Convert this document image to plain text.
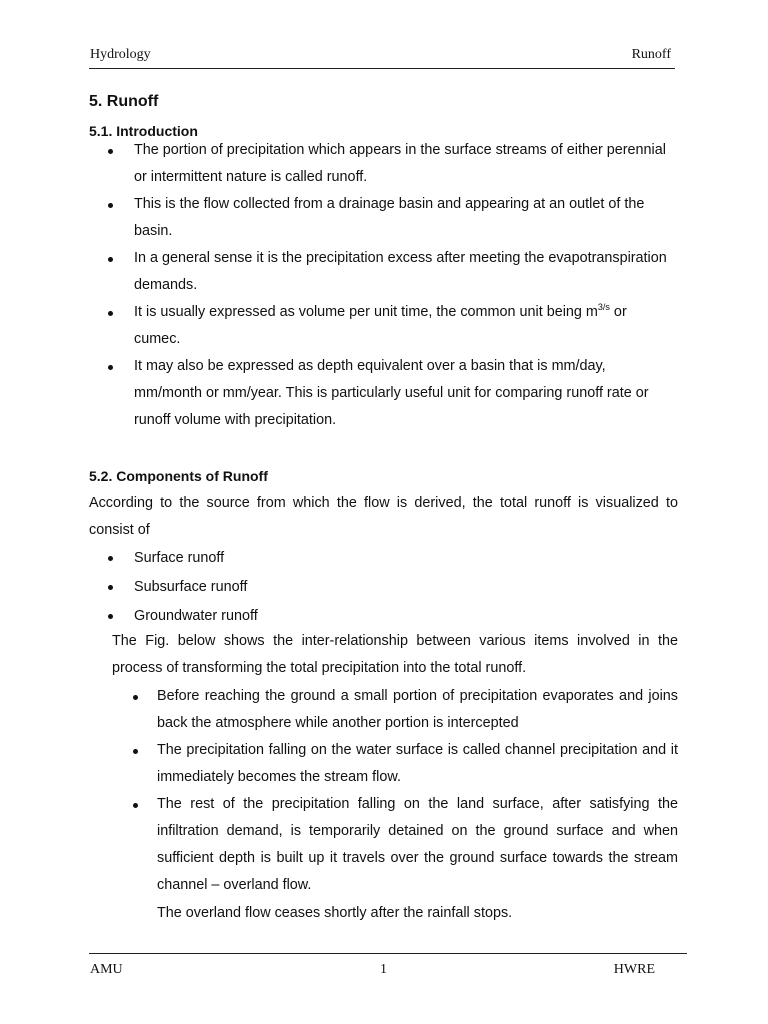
Hydrology	Runoff
5. Runoff
5.1. Introduction
The portion of precipitation which appears in the surface streams of either perennial or intermittent nature is called runoff.
This is the flow collected from a drainage basin and appearing at an outlet of the basin.
In a general sense it is the precipitation excess after meeting the evapotranspiration demands.
It is usually expressed as volume per unit time, the common unit being $m^{3/s}$ or cumec.
It may also be expressed as depth equivalent over a basin that is mm/day, mm/month or mm/year. This is particularly useful unit for comparing runoff rate or runoff volume with precipitation.
5.2. Components of Runoff
According to the source from which the flow is derived, the total runoff is visualized to consist of
Surface runoff
Subsurface runoff
Groundwater runoff
The Fig. below shows the inter-relationship between various items involved in the process of transforming the total precipitation into the total runoff.
Before reaching the ground a small portion of precipitation evaporates and joins back the atmosphere while another portion is intercepted
The precipitation falling on the water surface is called channel precipitation and it immediately becomes the stream flow.
The rest of the precipitation falling on the land surface, after satisfying the infiltration demand, is temporarily detained on the ground surface and when sufficient depth is built up it travels over the ground surface towards the stream channel – overland flow.
The overland flow ceases shortly after the rainfall stops.
AMU	1	HWRE
